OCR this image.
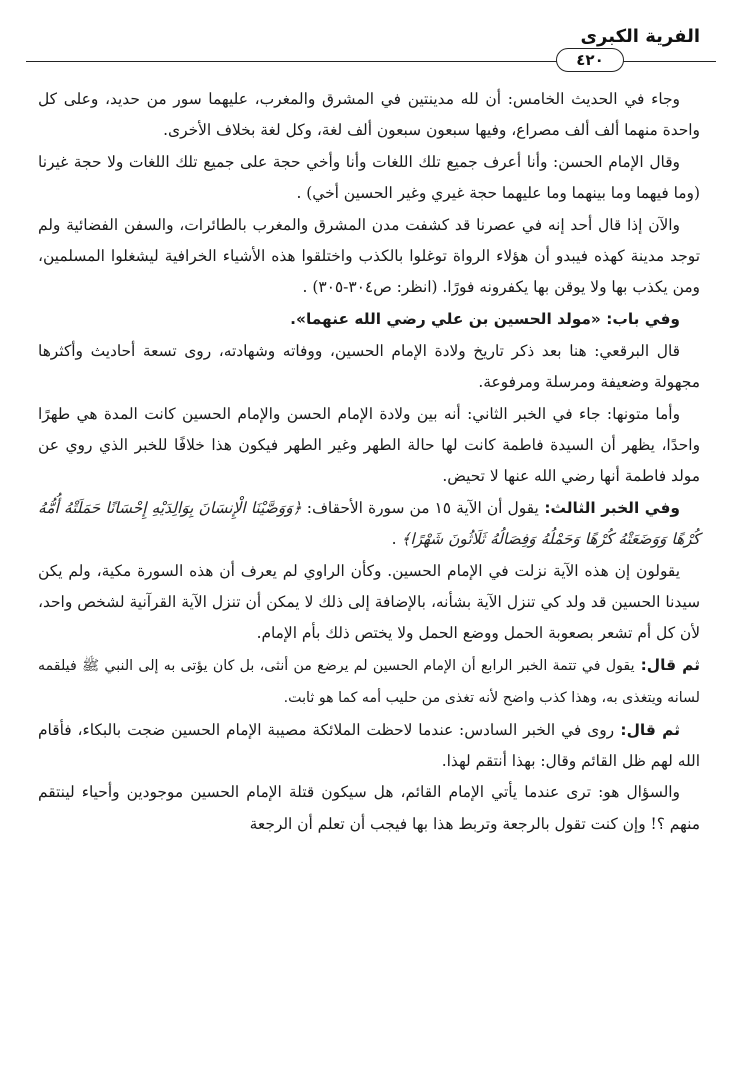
الفرية الكبرى
٤٢٠

وجاء في الحديث الخامس: أن لله مدينتين في المشرق والمغرب، عليهما سور من حديد، وعلى كل واحدة منهما ألف ألف مصراع، وفيها سبعون سبعون ألف لغة، وكل لغة بخلاف الأخرى.

وقال الإمام الحسن: وأنا أعرف جميع تلك اللغات وأنا وأخي حجة على جميع تلك اللغات ولا حجة غيرنا (وما فيهما وما بينهما وما عليهما حجة غيري وغير الحسين أخي) .

والآن إذا قال أحد إنه في عصرنا قد كشفت مدن المشرق والمغرب بالطائرات، والسفن الفضائية ولم توجد مدينة كهذه فيبدو أن هؤلاء الرواة توغلوا بالكذب واختلقوا هذه الأشياء الخرافية ليشغلوا المسلمين، ومن يكذب بها ولا يوقن بها يكفرونه فورًا. (انظر: ص٣٠٤-٣٠٥) .

وفي باب: «مولد الحسين بن علي رضي الله عنهما».

قال البرقعي: هنا بعد ذكر تاريخ ولادة الإمام الحسين، ووفاته وشهادته، روى تسعة أحاديث وأكثرها مجهولة وضعيفة ومرسلة ومرفوعة.

وأما متونها: جاء في الخبر الثاني: أنه بين ولادة الإمام الحسن والإمام الحسين كانت المدة هي طهرًا واحدًا، يظهر أن السيدة فاطمة كانت لها حالة الطهر وغير الطهر فيكون هذا خلافًا للخبر الذي روي عن مولد فاطمة أنها رضي الله عنها لا تحيض.

وفي الخبر الثالث: يقول أن الآية ١٥ من سورة الأحقاف: ﴿وَوَصَّيْنَا الْإِنسَانَ بِوَالِدَيْهِ إِحْسَانًا حَمَلَتْهُ أُمُّهُ كُرْهًا وَوَضَعَتْهُ كُرْهًا وَحَمْلُهُ وَفِصَالُهُ ثَلَاثُونَ شَهْرًا﴾ .

يقولون إن هذه الآية نزلت في الإمام الحسين. وكأن الراوي لم يعرف أن هذه السورة مكية، ولم يكن سيدنا الحسين قد ولد كي تنزل الآية بشأنه، بالإضافة إلى ذلك لا يمكن أن تنزل الآية القرآنية لشخص واحد، لأن كل أم تشعر بصعوبة الحمل ووضع الحمل ولا يختص ذلك بأم الإمام.

ثم قال: يقول في تتمة الخبر الرابع أن الإمام الحسين لم يرضع من أنثى، بل كان يؤتى به إلى النبي ﷺ فيلقمه لسانه ويتغذى به، وهذا كذب واضح لأنه تغذى من حليب أمه كما هو ثابت.

ثم قال: روى في الخبر السادس: عندما لاحظت الملائكة مصيبة الإمام الحسين ضجت بالبكاء، فأقام الله لهم ظل القائم وقال: بهذا أنتقم لهذا.

والسؤال هو: ترى عندما يأتي الإمام القائم، هل سيكون قتلة الإمام الحسين موجودين وأحياء لينتقم منهم ؟! وإن كنت تقول بالرجعة وتربط هذا بها فيجب أن تعلم أن الرجعة
